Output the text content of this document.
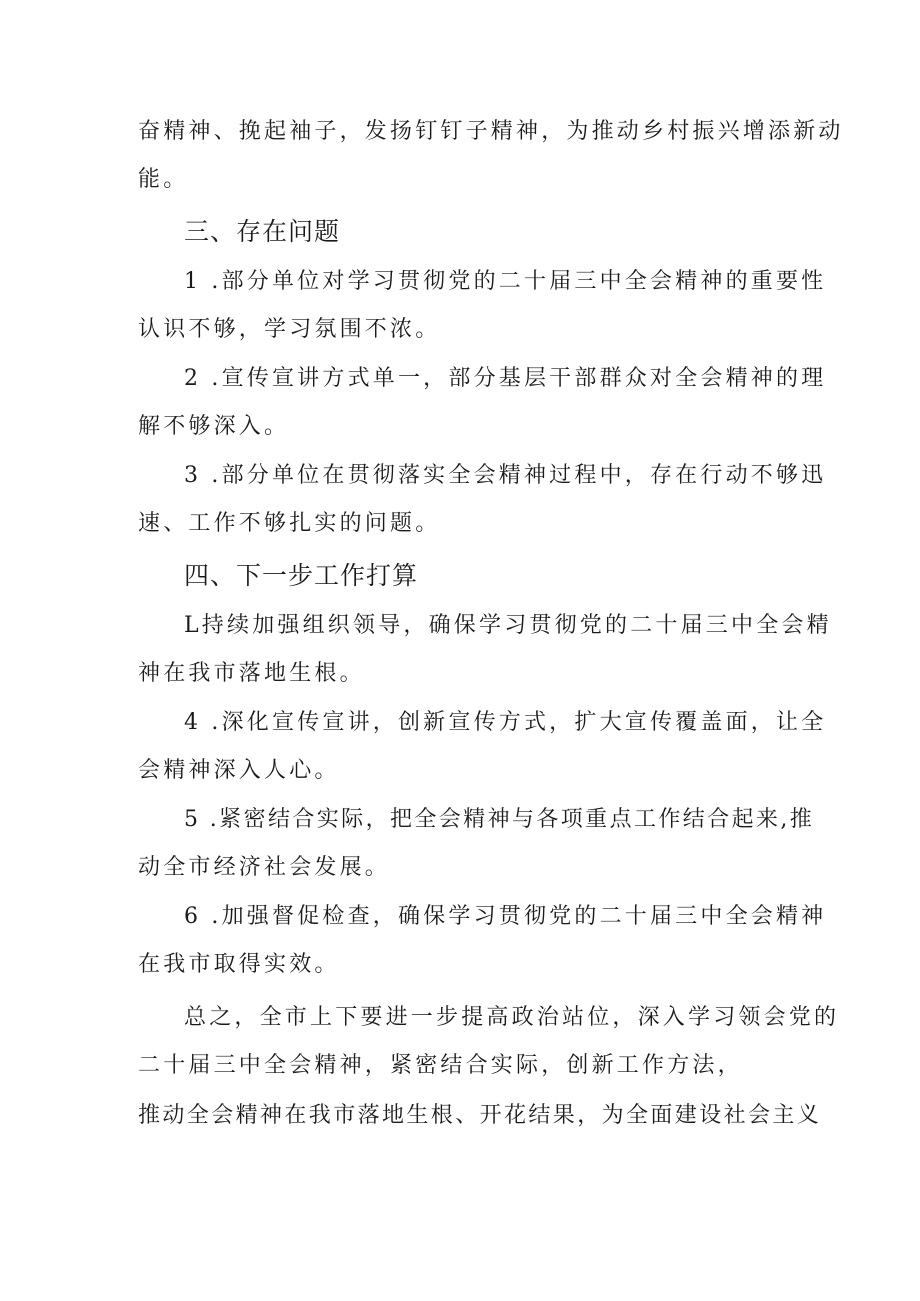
奋精神、挽起袖子，发扬钉钉子精神，为推动乡村振兴增添新动
能。
三、存在问题
1 .部分单位对学习贯彻党的二十届三中全会精神的重要性
认识不够，学习氛围不浓。
2 .宣传宣讲方式单一，部分基层干部群众对全会精神的理
解不够深入。
3 .部分单位在贯彻落实全会精神过程中，存在行动不够迅
速、工作不够扎实的问题。
四、下一步工作打算
L持续加强组织领导，确保学习贯彻党的二十届三中全会精
神在我市落地生根。
4 .深化宣传宣讲，创新宣传方式，扩大宣传覆盖面，让全
会精神深入人心。
5 .紧密结合实际，把全会精神与各项重点工作结合起来,推
动全市经济社会发展。
6 .加强督促检查，确保学习贯彻党的二十届三中全会精神
在我市取得实效。
总之，全市上下要进一步提高政治站位，深入学习领会党的
二十届三中全会精神，紧密结合实际，创新工作方法，
推动全会精神在我市落地生根、开花结果，为全面建设社会主义
